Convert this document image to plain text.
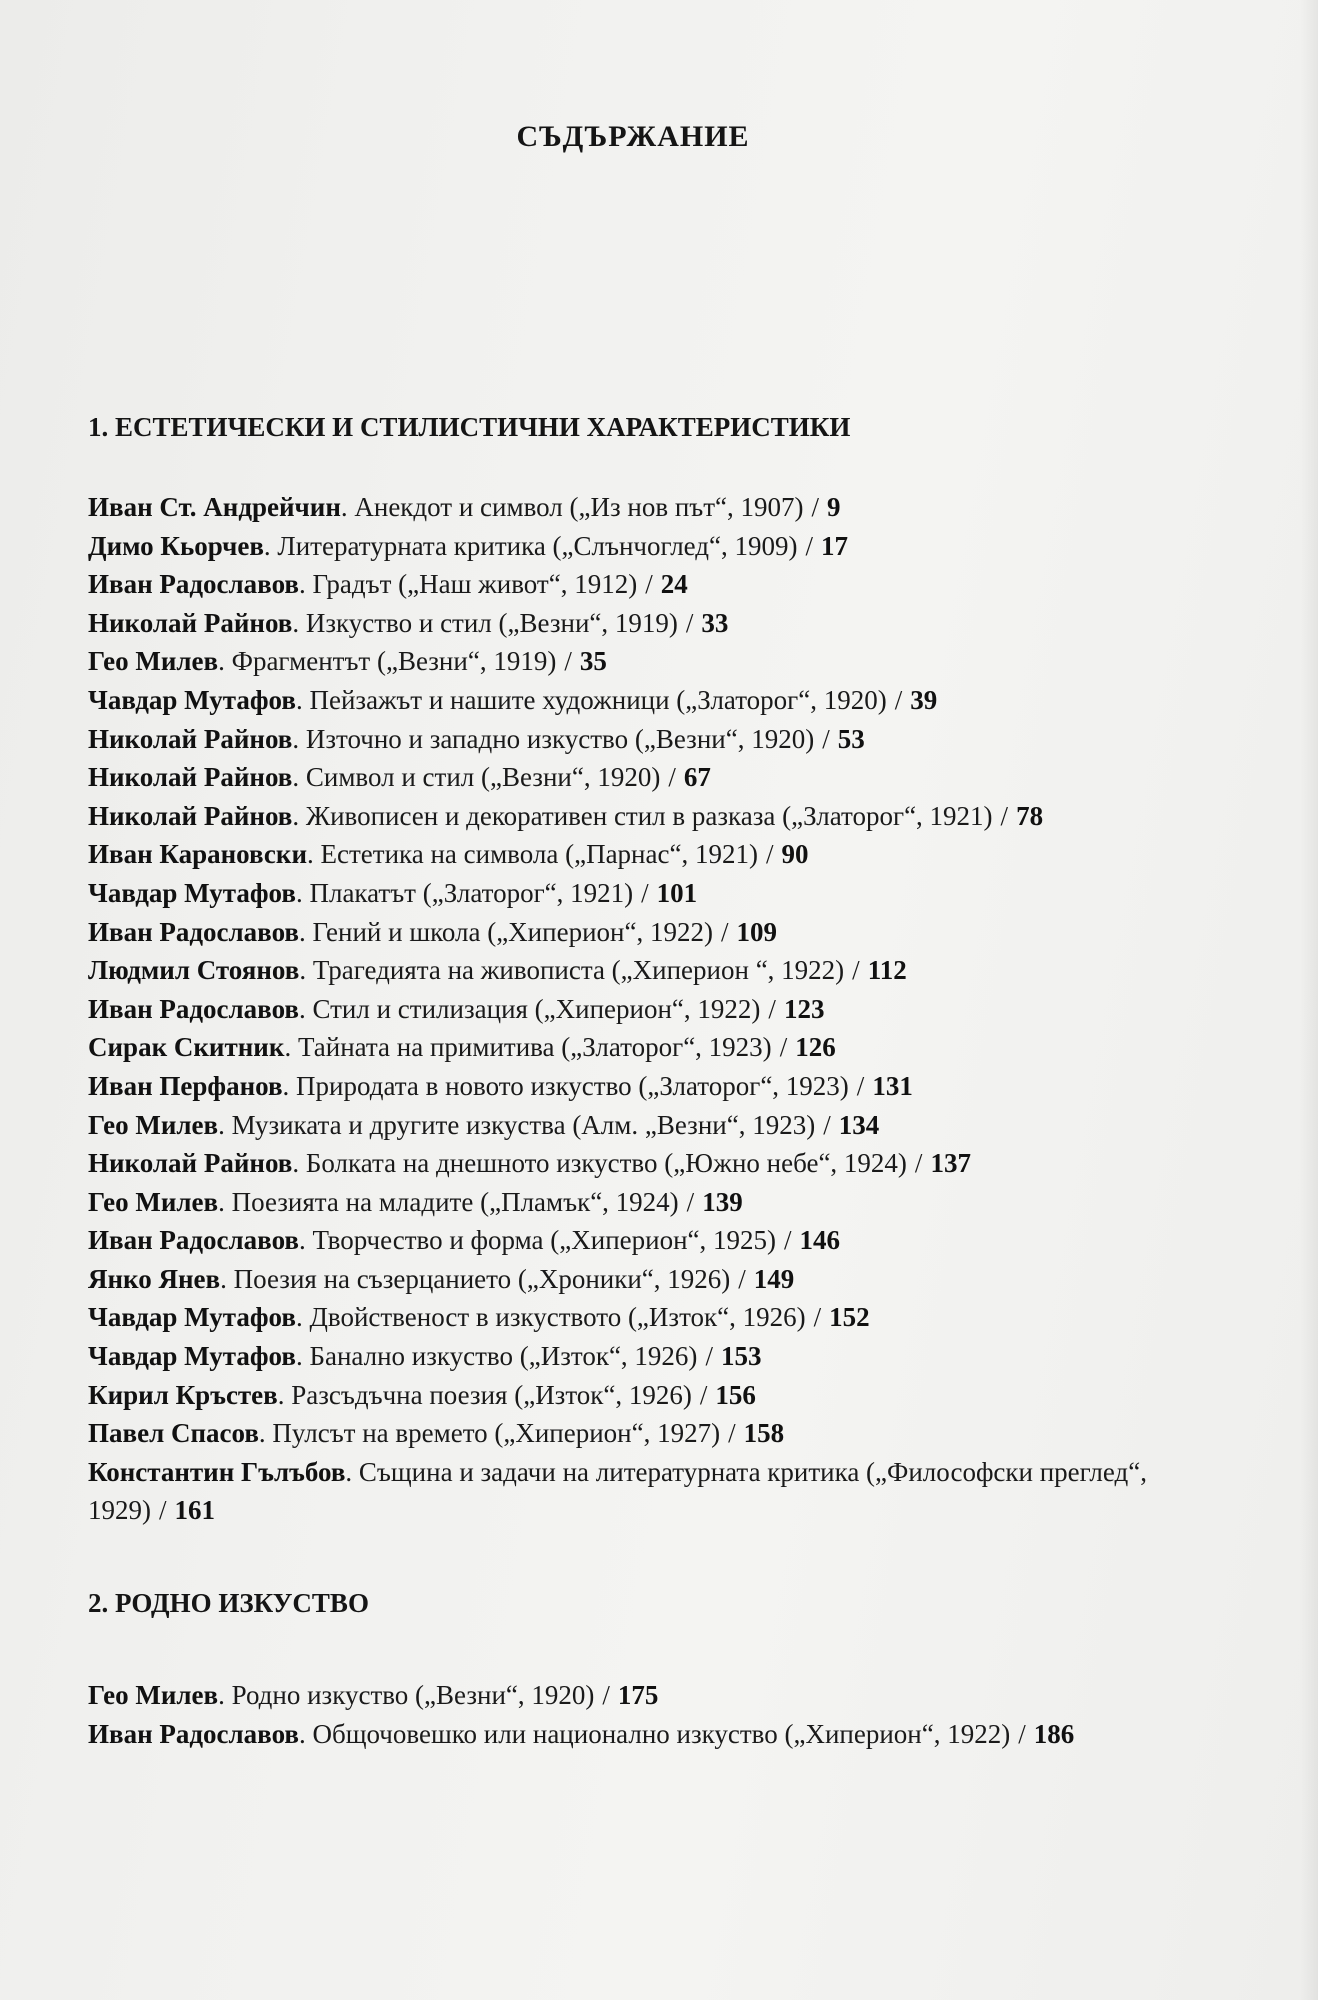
СЪДЪРЖАНИЕ
1. ЕСТЕТИЧЕСКИ И СТИЛИСТИЧНИ ХАРАКТЕРИСТИКИ
Иван Ст. Андрейчин. Анекдот и символ („Из нов път“, 1907) / 9
Димо Кьорчев. Литературната критика („Слънчоглед“, 1909) / 17
Иван Радославов. Градът („Наш живот“, 1912) / 24
Николай Райнов. Изкуство и стил („Везни“, 1919) / 33
Гео Милев. Фрагментът („Везни“, 1919) / 35
Чавдар Мутафов. Пейзажът и нашите художници („Златорог“, 1920) / 39
Николай Райнов. Източно и западно изкуство („Везни“, 1920) / 53
Николай Райнов. Символ и стил („Везни“, 1920) / 67
Николай Райнов. Живописен и декоративен стил в разказа („Златорог“, 1921) / 78
Иван Карановски. Естетика на символа („Парнас“, 1921) / 90
Чавдар Мутафов. Плакатът („Златорог“, 1921) / 101
Иван Радославов. Гений и школа („Хиперион“, 1922) / 109
Людмил Стоянов. Трагедията на живописта („Хиперион “, 1922) / 112
Иван Радославов. Стил и стилизация („Хиперион“, 1922) / 123
Сирак Скитник. Тайната на примитива („Златорог“, 1923) / 126
Иван Перфанов. Природата в новото изкуство („Златорог“, 1923) / 131
Гео Милев. Музиката и другите изкуства (Алм. „Везни“, 1923) / 134
Николай Райнов. Болката на днешното изкуство („Южно небе“, 1924) / 137
Гео Милев. Поезията на младите („Пламък“, 1924) / 139
Иван Радославов. Творчество и форма („Хиперион“, 1925) / 146
Янко Янев. Поезия на съзерцанието („Хроники“, 1926) / 149
Чавдар Мутафов. Двойственост в изкуството („Изток“, 1926) / 152
Чавдар Мутафов. Банално изкуство („Изток“, 1926) / 153
Кирил Кръстев. Разсъдъчна поезия („Изток“, 1926) / 156
Павел Спасов. Пулсът на времето („Хиперион“, 1927) / 158
Константин Гълъбов. Същина и задачи на литературната критика („Философски преглед“, 1929) / 161
2. РОДНО ИЗКУСТВО
Гео Милев. Родно изкуство („Везни“, 1920) / 175
Иван Радославов. Общочовешко или национално изкуство („Хиперион“, 1922) / 186
